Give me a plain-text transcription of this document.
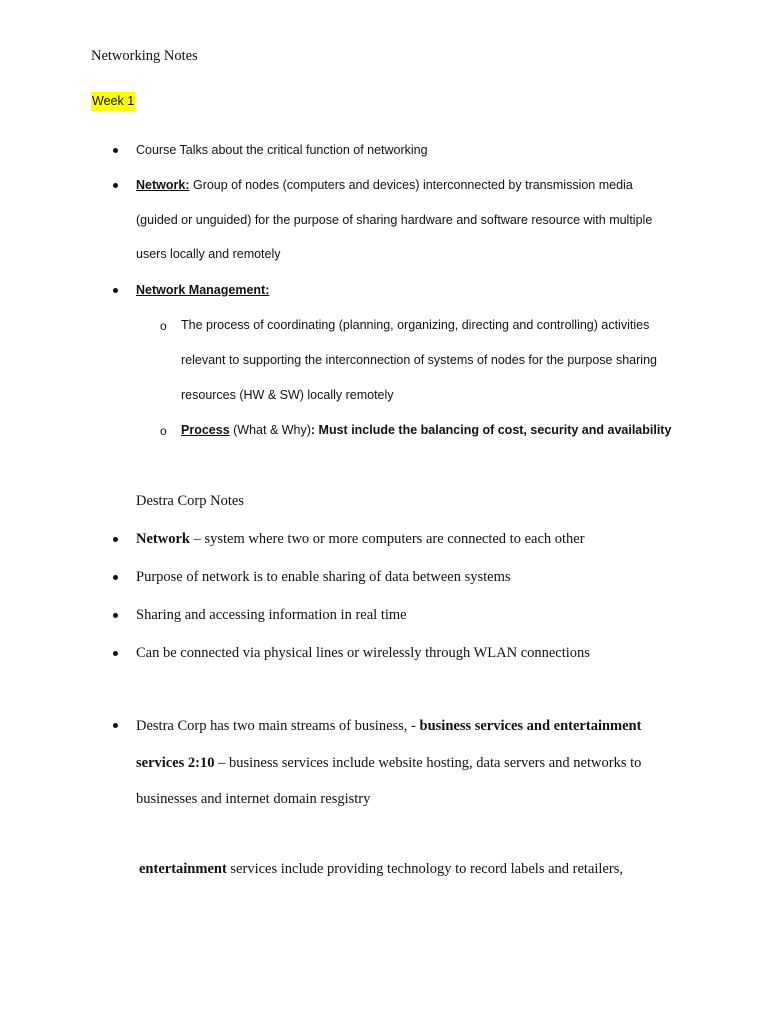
Networking Notes
Week 1
Course Talks about the critical function of networking
Network: Group of nodes (computers and devices) interconnected by transmission media
(guided or unguided) for the purpose of sharing hardware and software resource with multiple
users locally and remotely
Network Management:
o The process of coordinating (planning, organizing, directing and controlling) activities
relevant to supporting the interconnection of systems of nodes for the purpose sharing
resources (HW & SW) locally remotely
o Process (What & Why): Must include the balancing of cost, security and availability
Destra Corp Notes
Network – system where two or more computers are connected to each other
Purpose of network is to enable sharing of data between systems
Sharing and accessing information in real time
Can be connected via physical lines or wirelessly through WLAN connections
Destra Corp has two main streams of business, - business services and entertainment
services 2:10 – business services include website hosting, data servers and networks to
businesses and internet domain resgistry
entertainment services include providing technology to record labels and retailers,
